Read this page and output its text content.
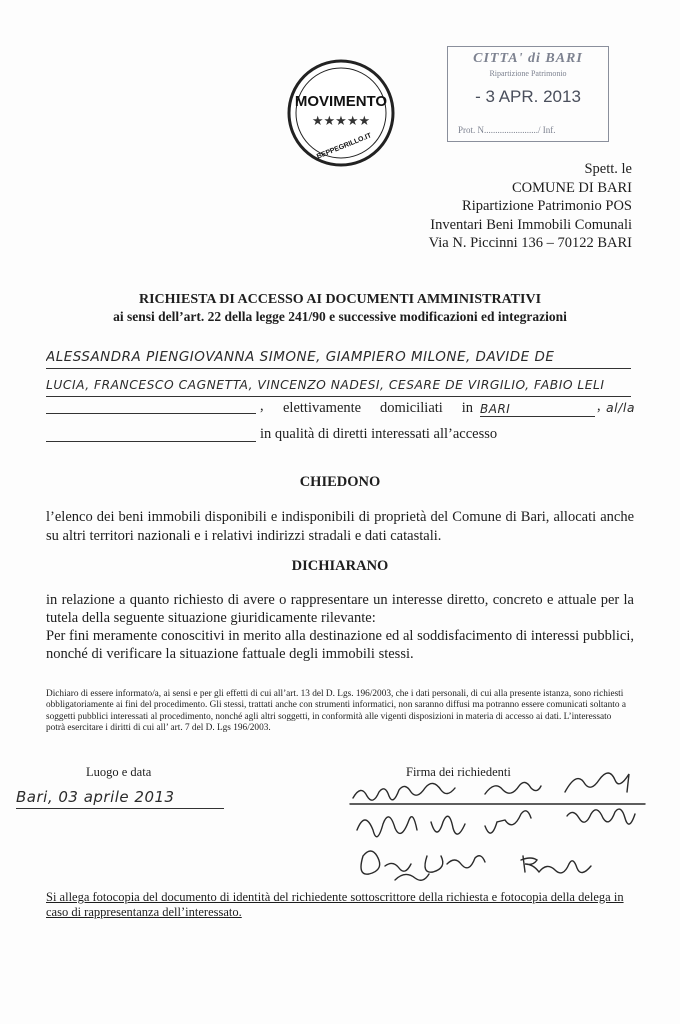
MOVIMENTO
★★★★★
BEPPEGRILLO.IT
CITTA' di BARI
Ripartizione Patrimonio
- 3 APR. 2013
Prot. N......................../ Inf.
Spett. le
COMUNE DI BARI
Ripartizione Patrimonio POS
Inventari Beni Immobili Comunali
Via N. Piccinni 136 – 70122 BARI
RICHIESTA DI ACCESSO AI DOCUMENTI AMMINISTRATIVI
ai sensi dell’art. 22 della legge 241/90 e successive modificazioni ed integrazioni
ALESSANDRA PIENGIOVANNA SIMONE, GIAMPIERO MILONE, DAVIDE DE
LUCIA, FRANCESCO CAGNETTA, VINCENZO NADESI, CESARE DE VIRGILIO, FABIO LELI
, elettivamente domiciliati in BARI	, al/la
in qualità di diretti interessati all’accesso
CHIEDONO
l’elenco dei beni immobili disponibili e indisponibili di proprietà del Comune di Bari, allocati anche su altri territori nazionali e i relativi indirizzi stradali e dati catastali.
DICHIARANO
in relazione a quanto richiesto di avere o rappresentare un interesse diretto, concreto e attuale per la tutela della seguente situazione giuridicamente rilevante:
Per fini meramente conoscitivi in merito alla destinazione ed al soddisfacimento di interessi pubblici, nonché di verificare la situazione fattuale degli immobili stessi.
Dichiaro di essere informato/a, ai sensi e per gli effetti di cui all’art. 13 del D. Lgs. 196/2003, che i dati personali, di cui alla presente istanza, sono richiesti obbligatoriamente ai fini del procedimento. Gli stessi, trattati anche con strumenti informatici, non saranno diffusi ma potranno essere comunicati soltanto a soggetti pubblici interessati al procedimento, nonché agli altri soggetti, in conformità alle vigenti disposizioni in materia di accesso ai dati. L’interessato potrà esercitare i diritti di cui all’ art. 7 del D. Lgs 196/2003.
Luogo e data
Bari, 03 aprile 2013
Firma dei richiedenti
Si allega fotocopia del documento di identità del richiedente sottoscrittore della richiesta e fotocopia della delega in caso di rappresentanza dell’interessato.
